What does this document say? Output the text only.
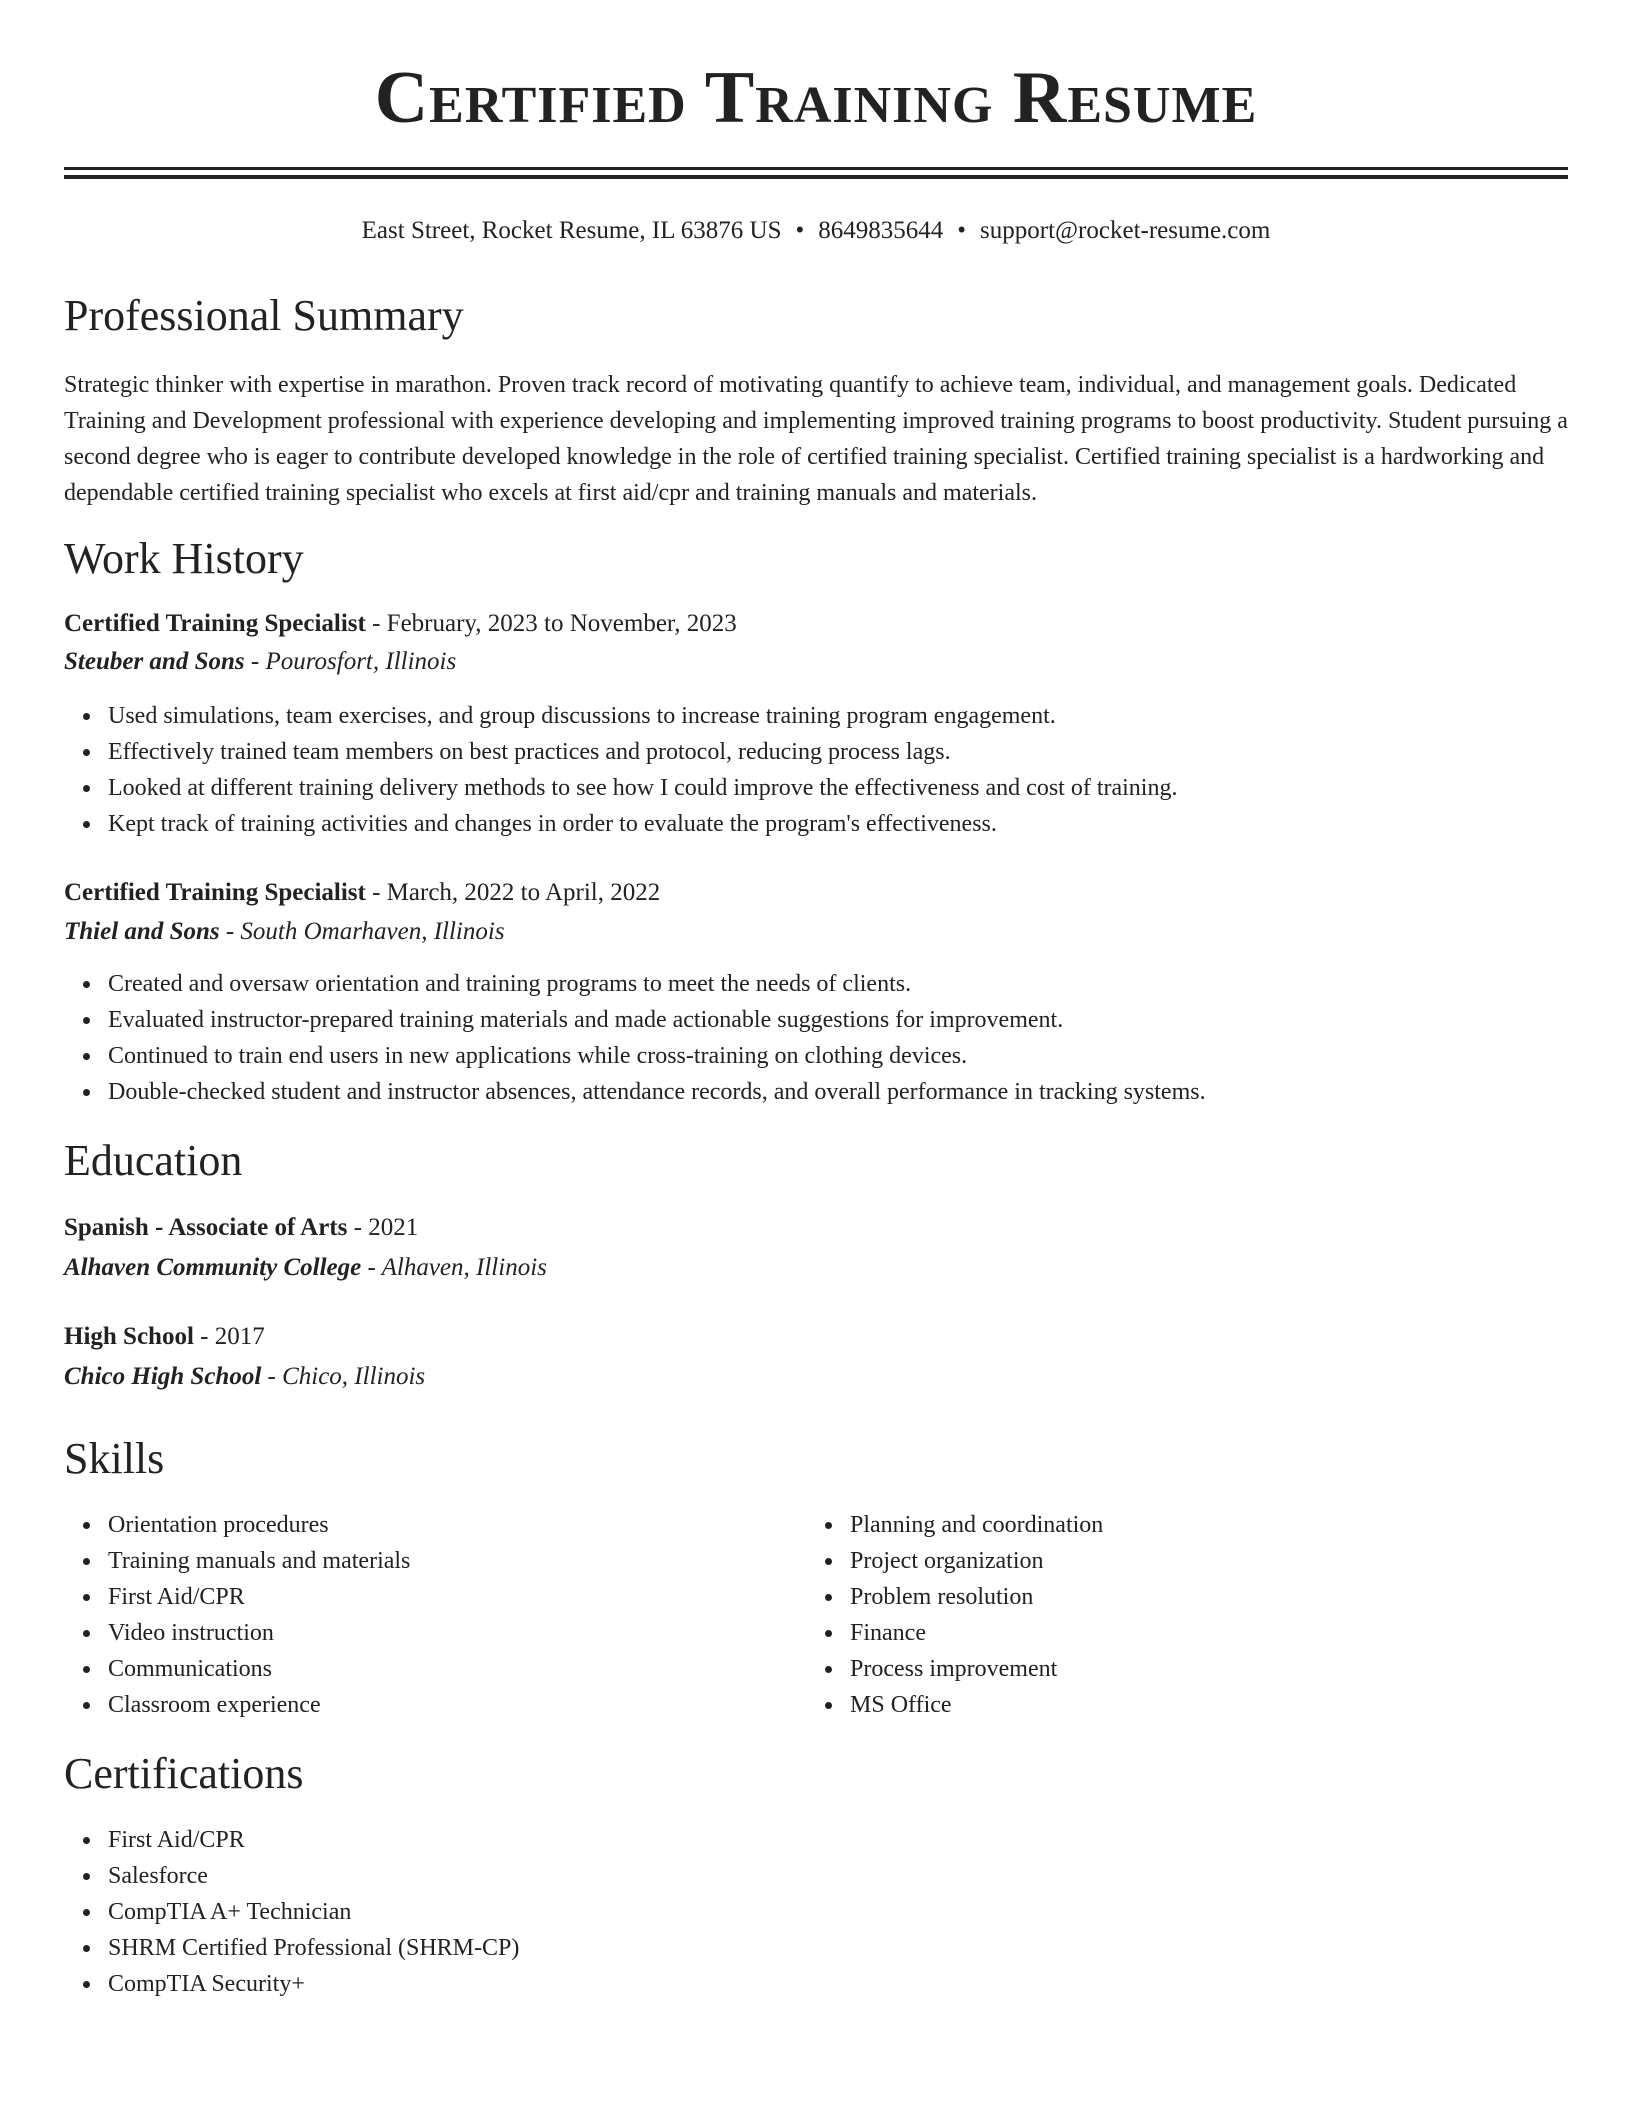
Certified Training Resume
East Street, Rocket Resume, IL 63876 US • 8649835644 • support@rocket-resume.com
Professional Summary

Strategic thinker with expertise in marathon. Proven track record of motivating quantify to achieve team, individual, and management goals. Dedicated Training and Development professional with experience developing and implementing improved training programs to boost productivity. Student pursuing a second degree who is eager to contribute developed knowledge in the role of certified training specialist. Certified training specialist is a hardworking and dependable certified training specialist who excels at first aid/cpr and training manuals and materials.

Work History
Certified Training Specialist - February, 2023 to November, 2023
Steuber and Sons - Pourosfort, Illinois
Used simulations, team exercises, and group discussions to increase training program engagement.
Effectively trained team members on best practices and protocol, reducing process lags.
Looked at different training delivery methods to see how I could improve the effectiveness and cost of training.
Kept track of training activities and changes in order to evaluate the program's effectiveness.
Certified Training Specialist - March, 2022 to April, 2022
Thiel and Sons - South Omarhaven, Illinois
Created and oversaw orientation and training programs to meet the needs of clients.
Evaluated instructor-prepared training materials and made actionable suggestions for improvement.
Continued to train end users in new applications while cross-training on clothing devices.
Double-checked student and instructor absences, attendance records, and overall performance in tracking systems.
Education
Spanish - Associate of Arts - 2021
Alhaven Community College - Alhaven, Illinois
High School - 2017
Chico High School - Chico, Illinois
Skills
Orientation procedures
Training manuals and materials
First Aid/CPR
Video instruction
Communications
Classroom experience
Planning and coordination
Project organization
Problem resolution
Finance
Process improvement
MS Office
Certifications
First Aid/CPR
Salesforce
CompTIA A+ Technician
SHRM Certified Professional (SHRM-CP)
CompTIA Security+
